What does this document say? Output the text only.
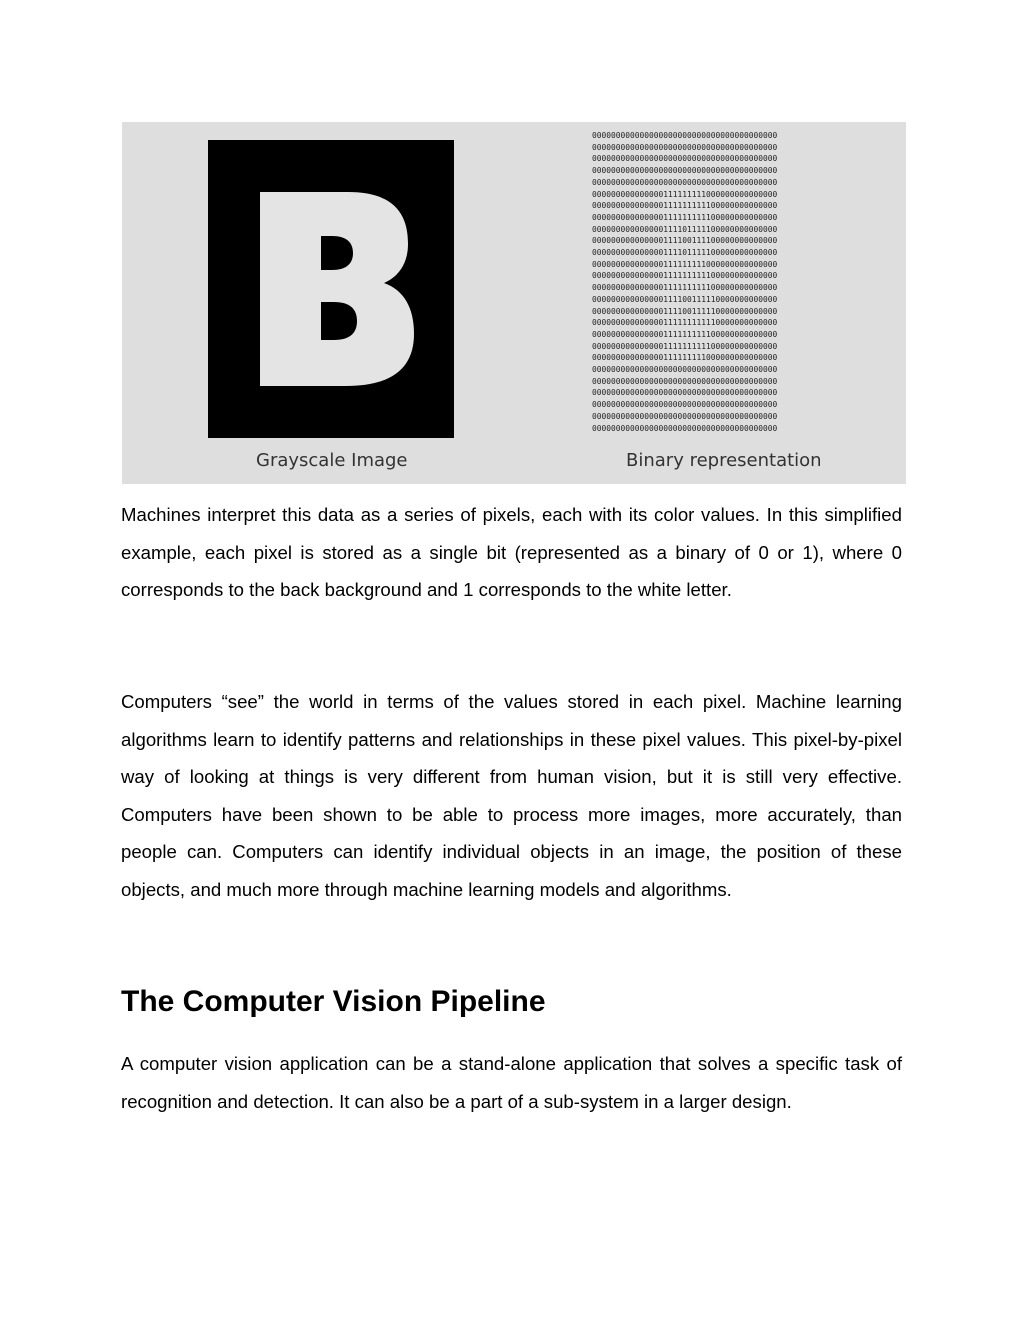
000000000000000000000000000000000000000
000000000000000000000000000000000000000
000000000000000000000000000000000000000
000000000000000000000000000000000000000
000000000000000000000000000000000000000
000000000000000111111111000000000000000
000000000000000111111111100000000000000
000000000000000111111111100000000000000
000000000000000111101111100000000000000
000000000000000111100111100000000000000
000000000000000111101111100000000000000
000000000000000111111111000000000000000
000000000000000111111111100000000000000
000000000000000111111111100000000000000
000000000000000111100111110000000000000
000000000000000111100111110000000000000
000000000000000111111111110000000000000
000000000000000111111111100000000000000
000000000000000111111111100000000000000
000000000000000111111111000000000000000
000000000000000000000000000000000000000
000000000000000000000000000000000000000
000000000000000000000000000000000000000
000000000000000000000000000000000000000
000000000000000000000000000000000000000
000000000000000000000000000000000000000
Grayscale Image	Binary representation

Machines interpret this data as a series of pixels, each with its color values. In this simplified example, each pixel is stored as a single bit (represented as a binary of 0 or 1), where 0 corresponds to the back background and 1 corresponds to the white letter.

Computers “see” the world in terms of the values stored in each pixel. Machine learning algorithms learn to identify patterns and relationships in these pixel values. This pixel-by-pixel way of looking at things is very different from human vision, but it is still very effective. Computers have been shown to be able to process more images, more accurately, than people can. Computers can identify individual objects in an image, the position of these objects, and much more through machine learning models and algorithms.

The Computer Vision Pipeline

A computer vision application can be a stand-alone application that solves a specific task of recognition and detection. It can also be a part of a sub-system in a larger design.
